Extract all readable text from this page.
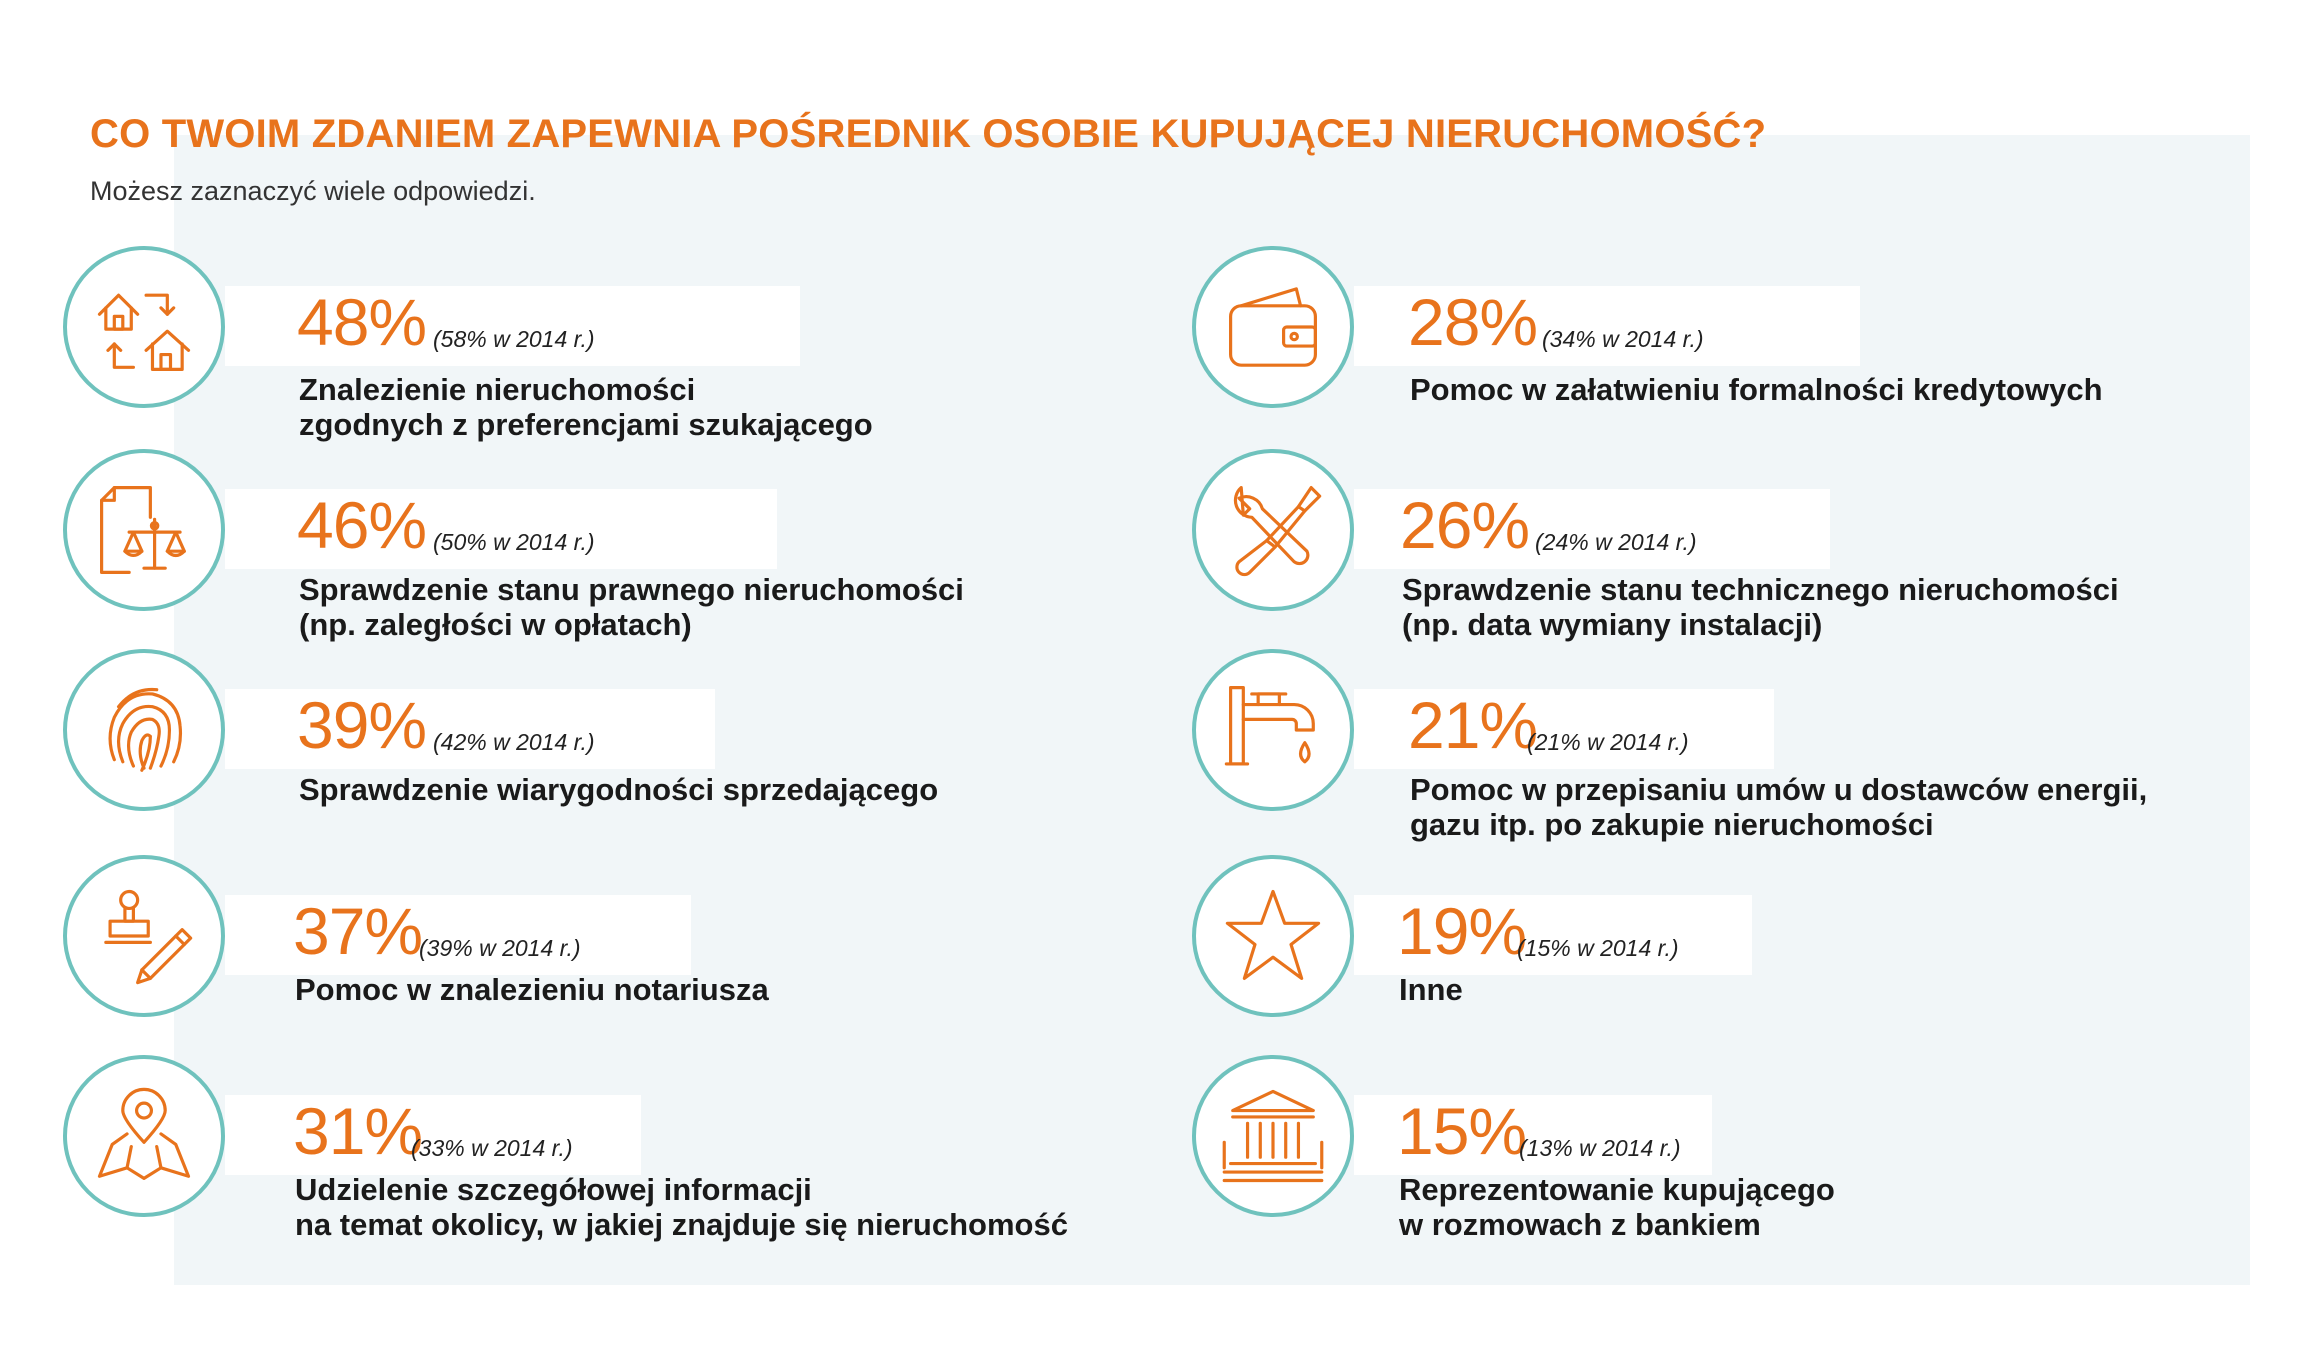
CO TWOIM ZDANIEM ZAPEWNIA POŚREDNIK OSOBIE KUPUJĄCEJ NIERUCHOMOŚĆ?
Możesz zaznaczyć wiele odpowiedzi.
48% (58% w 2014 r.)
Znalezienie nieruchomości
zgodnych z preferencjami szukającego
46% (50% w 2014 r.)
Sprawdzenie stanu prawnego nieruchomości
(np. zaległości w opłatach)
39% (42% w 2014 r.)
Sprawdzenie wiarygodności sprzedającego
37%
(39% w 2014 r.)
Pomoc w znalezieniu notariusza
31%
(33% w 2014 r.)
Udzielenie szczegółowej informacji
na temat okolicy, w jakiej znajduje się nieruchomość
28% (34% w 2014 r.)
Pomoc w załatwieniu formalności kredytowych
26% (24% w 2014 r.)
Sprawdzenie stanu technicznego nieruchomości
(np. data wymiany instalacji)
21%
(21% w 2014 r.)
Pomoc w przepisaniu umów u dostawców energii,
gazu itp. po zakupie nieruchomości
19%
(15% w 2014 r.)
Inne
15%
(13% w 2014 r.)
Reprezentowanie kupującego
w rozmowach z bankiem
